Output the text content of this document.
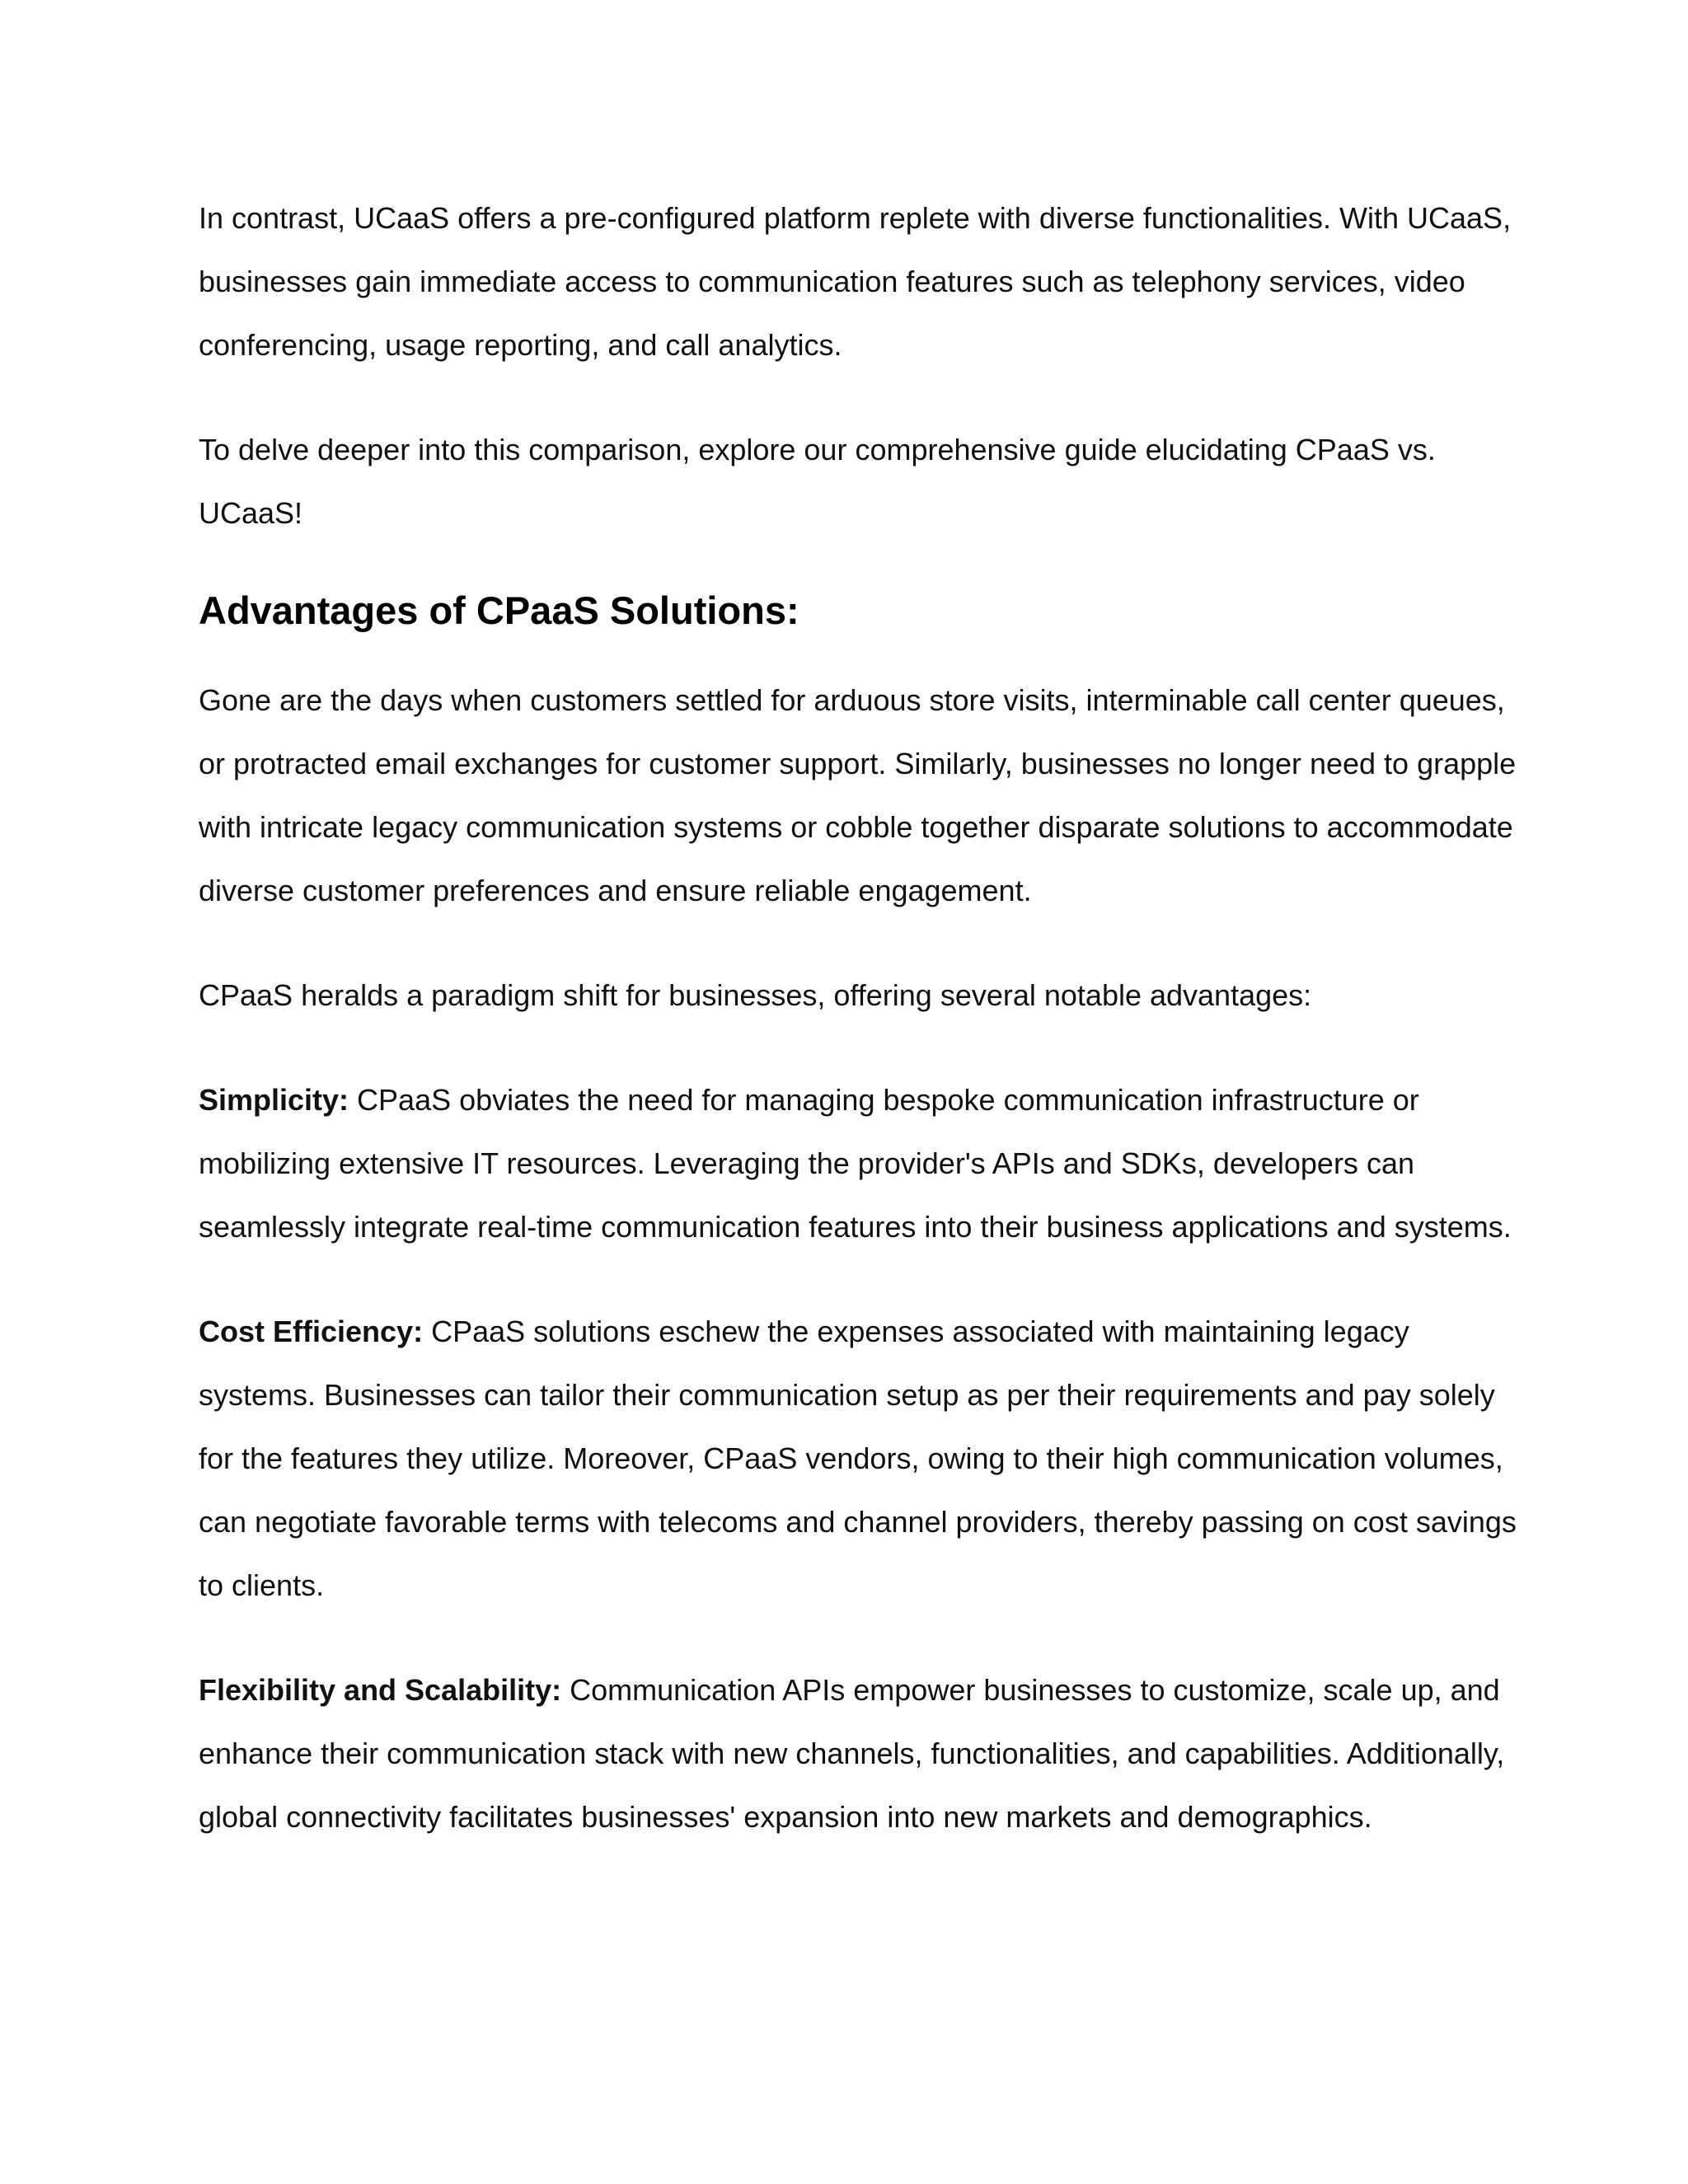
In contrast, UCaaS offers a pre-configured platform replete with diverse functionalities. With UCaaS, businesses gain immediate access to communication features such as telephony services, video conferencing, usage reporting, and call analytics.

To delve deeper into this comparison, explore our comprehensive guide elucidating CPaaS vs. UCaaS!

Advantages of CPaaS Solutions:

Gone are the days when customers settled for arduous store visits, interminable call center queues, or protracted email exchanges for customer support. Similarly, businesses no longer need to grapple with intricate legacy communication systems or cobble together disparate solutions to accommodate diverse customer preferences and ensure reliable engagement.

CPaaS heralds a paradigm shift for businesses, offering several notable advantages:

Simplicity: CPaaS obviates the need for managing bespoke communication infrastructure or mobilizing extensive IT resources. Leveraging the provider's APIs and SDKs, developers can seamlessly integrate real-time communication features into their business applications and systems.

Cost Efficiency: CPaaS solutions eschew the expenses associated with maintaining legacy systems. Businesses can tailor their communication setup as per their requirements and pay solely for the features they utilize. Moreover, CPaaS vendors, owing to their high communication volumes, can negotiate favorable terms with telecoms and channel providers, thereby passing on cost savings to clients.

Flexibility and Scalability: Communication APIs empower businesses to customize, scale up, and enhance their communication stack with new channels, functionalities, and capabilities. Additionally, global connectivity facilitates businesses' expansion into new markets and demographics.
